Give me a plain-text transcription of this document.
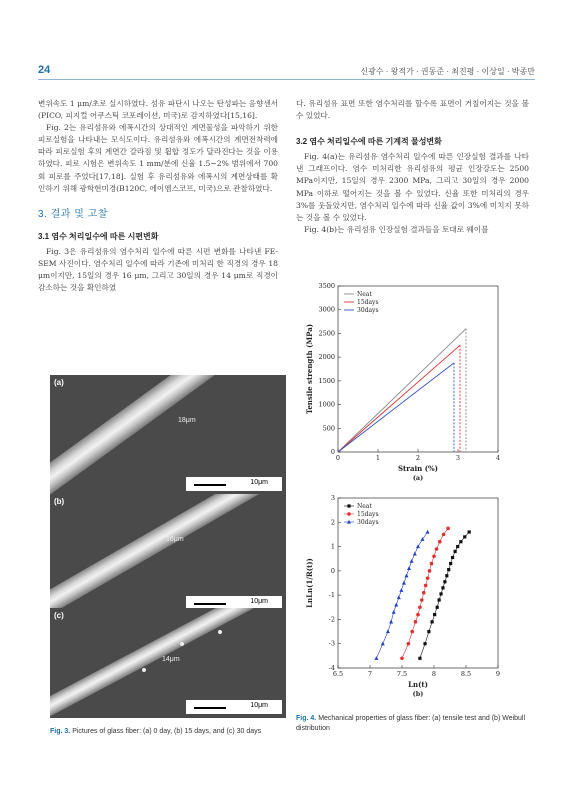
24	신광수 · 왕적가 · 권동준 · 최진평 · 이상일 · 박종만

변위속도 1 μm/초로 실시하였다. 섬유 파단시 나오는 탄성파는 음향센서(PICO, 피지컬 어쿠스틱 코포레이션, 미국)로 감지하였다[15,16].

Fig. 2는 유리섬유와 에폭시간의 상대적인 계면물성을 파악하기 위한 피로실험을 나타내는 모식도이다. 유리섬유와 에폭시간의 계면전착력에 따라 피로실험 후의 계면간 갈라짐 및 휨합 정도가 달라진다는 것을 이용하였다. 피로 시험은 변위속도 1 mm/분에 신율 1.5~2% 범위에서 700회 피로를 주었다[17,18]. 실험 후 유리섬유와 에폭시의 계면상태를 확인하기 위해 광학현미경(B120C, 에이엠스코프, 미국)으로 관찰하였다.

3. 결과 및 고찰
3.1 염수 처리일수에 따른 시편변화

Fig. 3은 유리섬유의 염수처리 일수에 따른 시편 변화를 나타낸 FE-SEM 사진이다. 염수처리 일수에 따라 기존에 미처리 한 직경의 경우 18 μm이지만, 15일의 경우 16 μm, 그리고 30일의 경우 14 μm로 직경이 감소하는 것을 확인하였

다. 유리섬유 표면 또한 염수처리를 할수록 표면이 거칠어지는 것을 볼 수 있었다.

3.2 염수 처리일수에 따른 기계적 물성변화

Fig. 4(a)는 유리섬유 염수처리 일수에 따른 인장실험 결과를 나타낸 그래프이다. 염수 미처리한 유리섬유의 평균 인장강도는 2500 MPa이지만, 15일의 경우 2300 MPa, 그리고 30일의 경우 2000 MPa 이하로 떨어지는 것을 볼 수 있었다. 신율 또한 미처리의 경우 3%를 웃돌았지만, 염수처리 일수에 따라 신율 값이 3%에 미치지 못하는 것을 볼 수 있었다.

Fig. 4(b)는 유리섬유 인장실험 결과들을 토대로 웨이블

(a)
18μm
10μm
(b)
16μm
10μm
(c)
14μm
10μm
Fig. 3. Pictures of glass fiber: (a) 0 day, (b) 15 days, and (c) 30 days
0	1	2	3	4
0
500
1000
1500
2000
2500
3000
3500
Strain (%)
(a)
Tensile strength (MPa)
Neat
15days
30days
6.5	7	7.5	8	8.5	9
-4
-3
-2
-1
0
1
2
3
Ln(t)
(b)
LnLn(1/R(t))
Neat
15days
30days
Fig. 4. Mechanical properties of glass fiber: (a) tensile test and (b) Weibull distribution
